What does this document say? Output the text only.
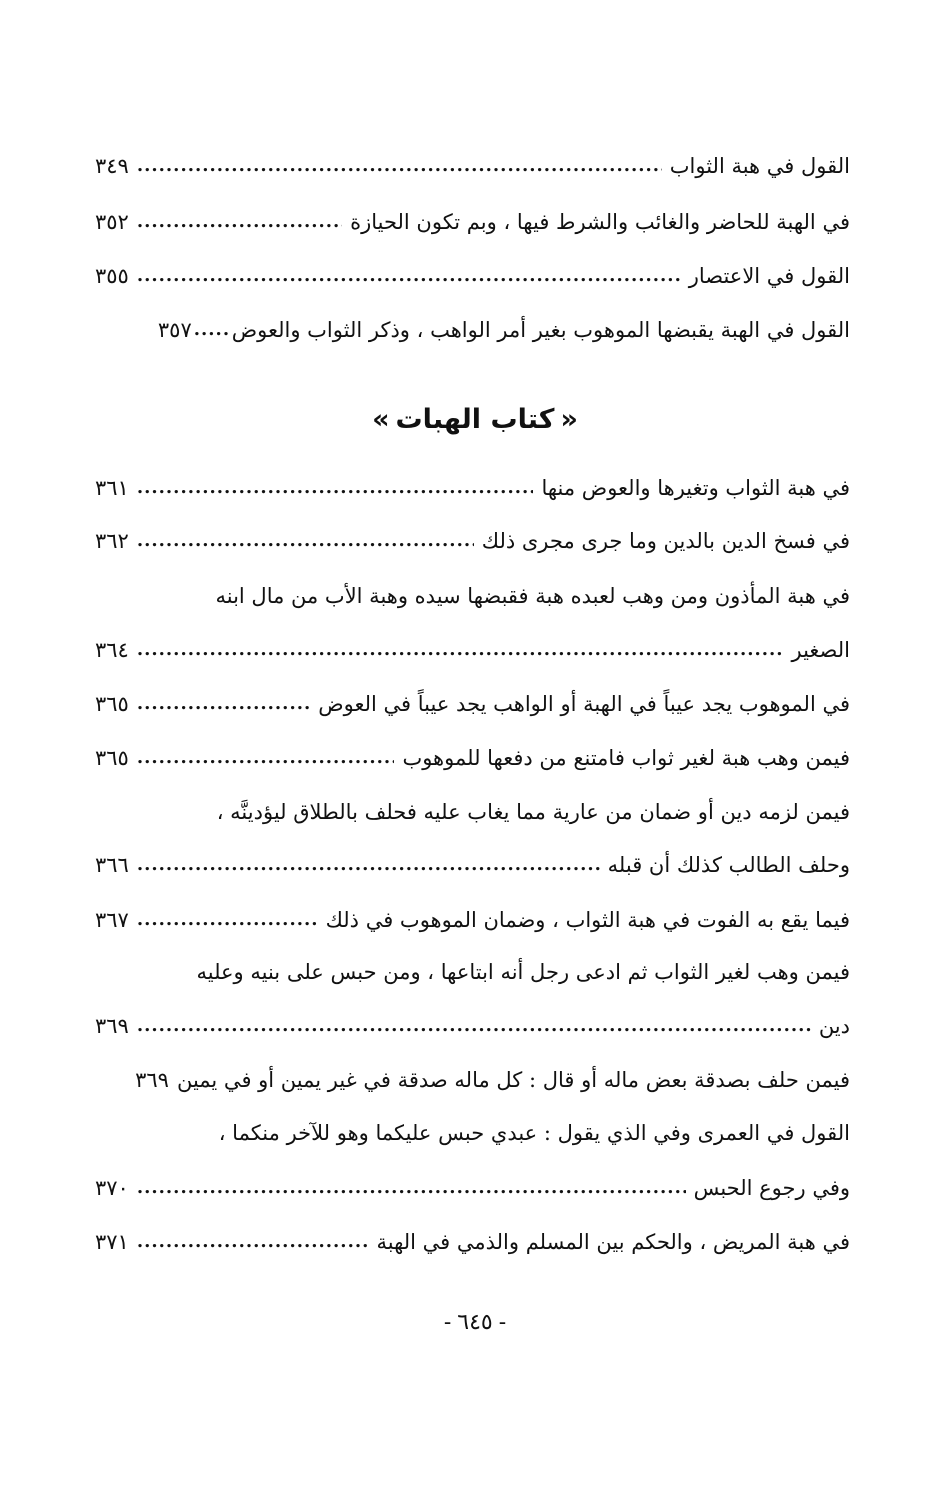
القول في هبة الثواب
.....
٣٤٩
في الهبة للحاضر والغائب والشرط فيها ، وبم تكون الحيازة
.....
٣٥٢
القول في الاعتصار
.....
٣٥٥
القول في الهبة يقبضها الموهوب بغير أمر الواهب ، وذكر الثواب والعوض
.....
٣٥٧
«كتاب الهبات»
في هبة الثواب وتغيرها والعوض منها
.....
٣٦١
في فسخ الدين بالدين وما جرى مجرى ذلك
.....
٣٦٢
في هبة المأذون ومن وهب لعبده هبة فقبضها سيده وهبة الأب من مال ابنه
الصغير
.....
٣٦٤
في الموهوب يجد عيباً في الهبة أو الواهب يجد عيباً في العوض
.....
٣٦٥
فيمن وهب هبة لغير ثواب فامتنع من دفعها للموهوب
.....
٣٦٥
فيمن لزمه دين أو ضمان من عارية مما يغاب عليه فحلف بالطلاق ليؤدينَّه ،
وحلف الطالب كذلك أن قبله
.....
٣٦٦
فيما يقع به الفوت في هبة الثواب ، وضمان الموهوب في ذلك
.....
٣٦٧
فيمن وهب لغير الثواب ثم ادعى رجل أنه ابتاعها ، ومن حبس على بنيه وعليه
دين
.....
٣٦٩
فيمن حلف بصدقة بعض ماله أو قال : كل ماله صدقة في غير يمين أو في يمين
٣٦٩
القول في العمرى وفي الذي يقول : عبدي حبس عليكما وهو للآخر منكما ،
وفي رجوع الحبس
.....
٣٧٠
في هبة المريض ، والحكم بين المسلم والذمي في الهبة
.....
٣٧١
-٦٤٥-
